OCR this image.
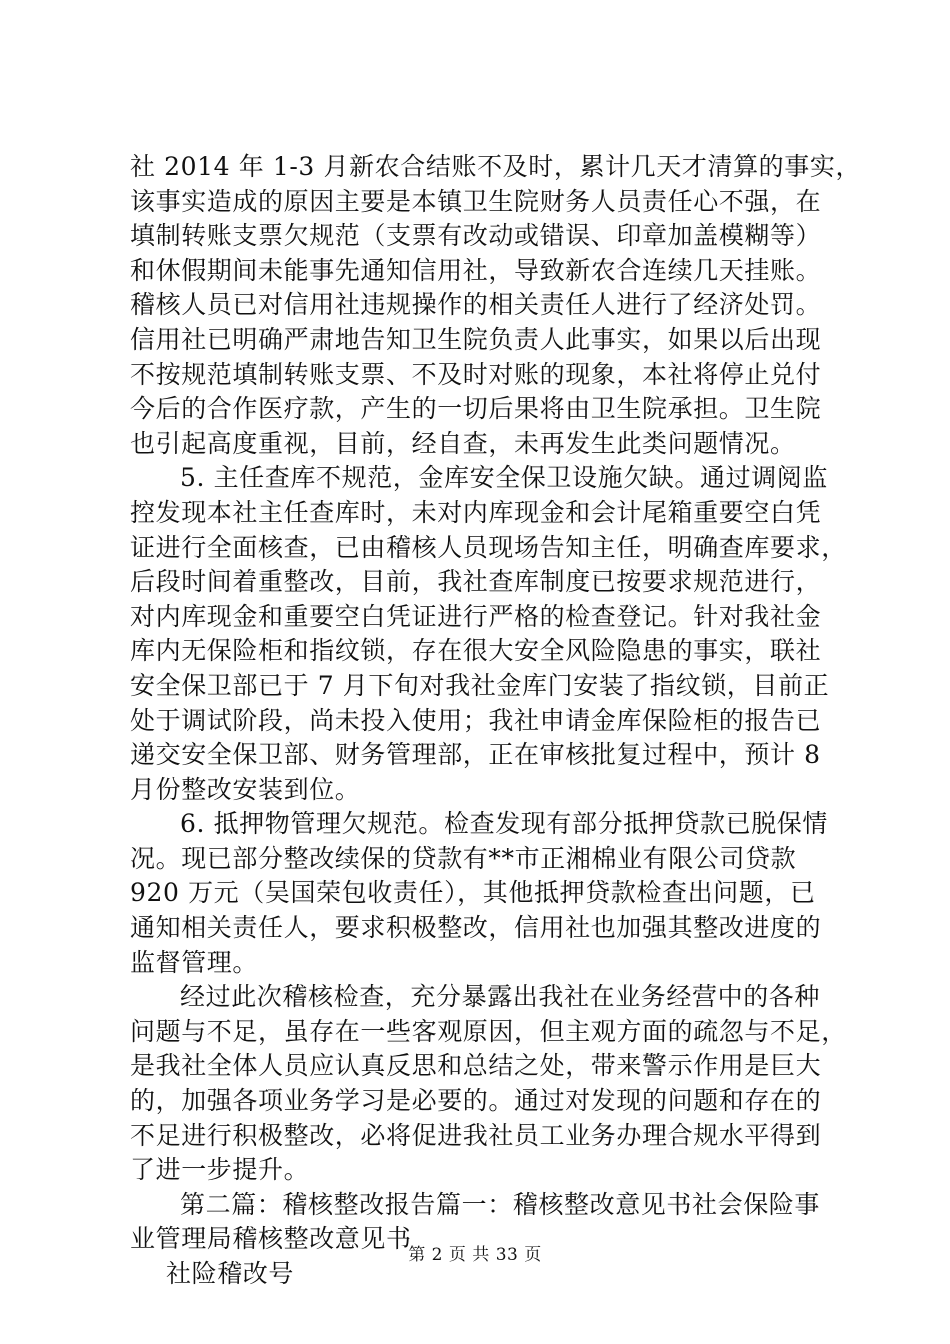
社 2014 年 1-3 月新农合结账不及时，累计几天才清算的事实，
该事实造成的原因主要是本镇卫生院财务人员责任心不强，在
填制转账支票欠规范（支票有改动或错误、印章加盖模糊等）
和休假期间未能事先通知信用社，导致新农合连续几天挂账。
稽核人员已对信用社违规操作的相关责任人进行了经济处罚。
信用社已明确严肃地告知卫生院负责人此事实，如果以后出现
不按规范填制转账支票、不及时对账的现象，本社将停止兑付
今后的合作医疗款，产生的一切后果将由卫生院承担。卫生院
也引起高度重视，目前，经自查，未再发生此类问题情况。
5. 主任查库不规范，金库安全保卫设施欠缺。通过调阅监
控发现本社主任查库时，未对内库现金和会计尾箱重要空白凭
证进行全面核查，已由稽核人员现场告知主任，明确查库要求，
后段时间着重整改，目前，我社查库制度已按要求规范进行，
对内库现金和重要空白凭证进行严格的检查登记。针对我社金
库内无保险柜和指纹锁，存在很大安全风险隐患的事实，联社
安全保卫部已于 7 月下旬对我社金库门安装了指纹锁，目前正
处于调试阶段，尚未投入使用；我社申请金库保险柜的报告已
递交安全保卫部、财务管理部，正在审核批复过程中，预计 8
月份整改安装到位。
6. 抵押物管理欠规范。检查发现有部分抵押贷款已脱保情
况。现已部分整改续保的贷款有**市正湘棉业有限公司贷款
920 万元（吴国荣包收责任），其他抵押贷款检查出问题，已
通知相关责任人，要求积极整改，信用社也加强其整改进度的
监督管理。
经过此次稽核检查，充分暴露出我社在业务经营中的各种
问题与不足，虽存在一些客观原因，但主观方面的疏忽与不足，
是我社全体人员应认真反思和总结之处，带来警示作用是巨大
的，加强各项业务学习是必要的。通过对发现的问题和存在的
不足进行积极整改，必将促进我社员工业务办理合规水平得到
了进一步提升。
第二篇：稽核整改报告篇一：稽核整改意见书社会保险事
业管理局稽核整改意见书
社险稽改号
第 2 页 共 33 页
